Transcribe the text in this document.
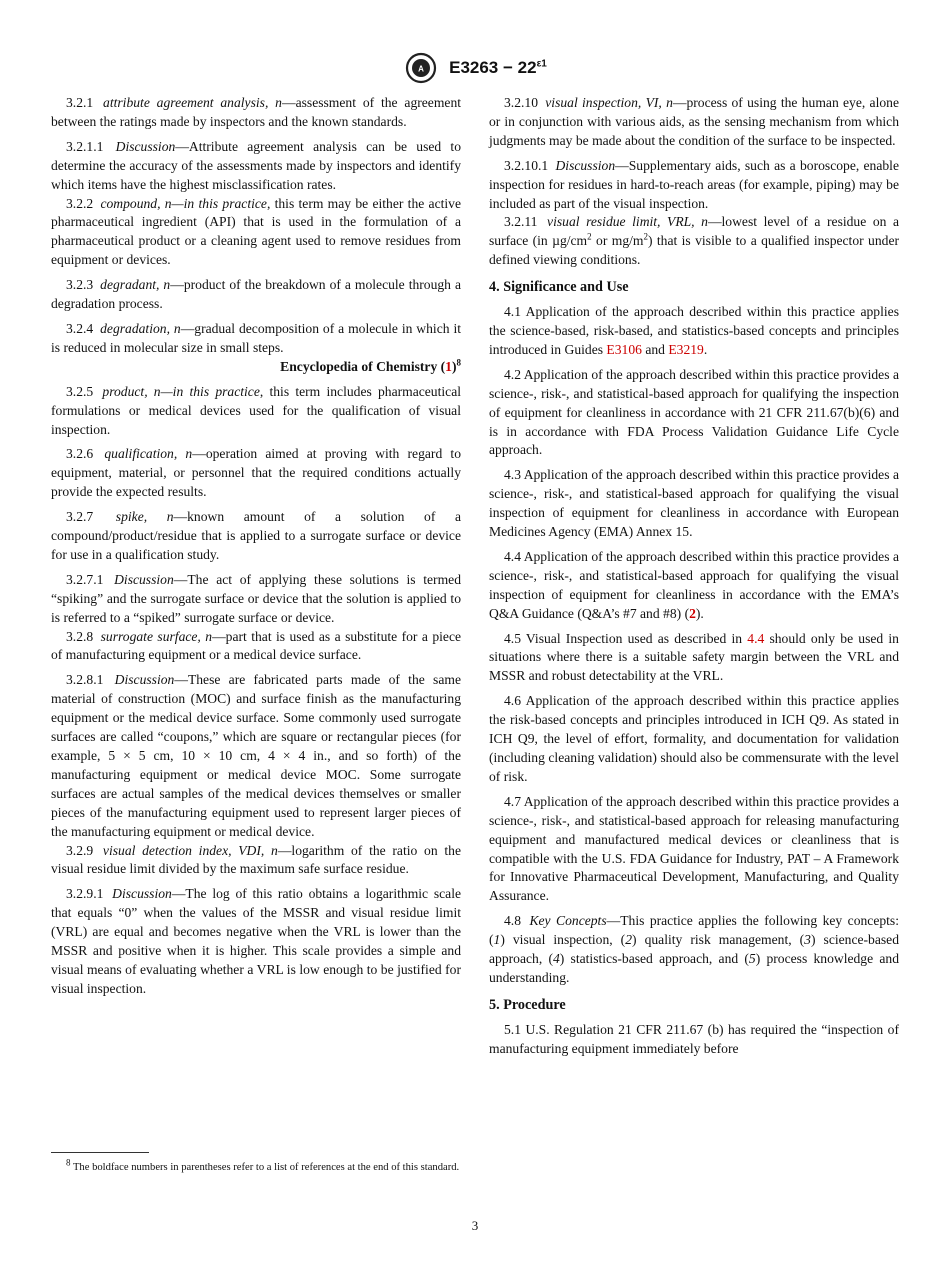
A $E3263 - 22^{\varepsilon 1}$

3.2.1 attribute agreement analysis, n—assessment of the agreement between the ratings made by inspectors and the known standards.

3.2.1.1 Discussion—Attribute agreement analysis can be used to determine the accuracy of the assessments made by inspectors and identify which items have the highest misclassification rates.

3.2.2 compound, n—in this practice, this term may be either the active pharmaceutical ingredient (API) that is used in the formulation of a pharmaceutical product or a cleaning agent used to remove residues from equipment or devices.

3.2.3 degradant, n—product of the breakdown of a molecule through a degradation process.

3.2.4 degradation, n—gradual decomposition of a molecule in which it is reduced in molecular size in small steps.

Encyclopedia of Chemistry $(1)^8$

3.2.5 product, n—in this practice, this term includes pharmaceutical formulations or medical devices used for the qualification of visual inspection.

3.2.6 qualification, n—operation aimed at proving with regard to equipment, material, or personnel that the required conditions actually provide the expected results.

3.2.7 spike, n—known amount of a solution of a compound/product/residue that is applied to a surrogate surface or device for use in a qualification study.

3.2.7.1 Discussion—The act of applying these solutions is termed “spiking” and the surrogate surface or device that the solution is applied to is referred to a “spiked” surrogate surface or device.

3.2.8 surrogate surface, n—part that is used as a substitute for a piece of manufacturing equipment or a medical device surface.

3.2.8.1 Discussion—These are fabricated parts made of the same material of construction (MOC) and surface finish as the manufacturing equipment or the medical device surface. Some commonly used surrogate surfaces are called “coupons,” which are square or rectangular pieces (for example, 5 × 5 cm, 10 × 10 cm, 4 × 4 in., and so forth) of the manufacturing equipment or medical device MOC. Some surrogate surfaces are actual samples of the medical devices themselves or smaller pieces of the manufacturing equipment used to represent larger pieces of the manufacturing equipment or medical device.

3.2.9 visual detection index, VDI, n—logarithm of the ratio on the visual residue limit divided by the maximum safe surface residue.

3.2.9.1 Discussion—The log of this ratio obtains a logarithmic scale that equals “0” when the values of the MSSR and visual residue limit (VRL) are equal and becomes negative when the VRL is lower than the MSSR and positive when it is higher. This scale provides a simple and visual means of evaluating whether a VRL is low enough to be justified for visual inspection.

3.2.10 visual inspection, VI, n—process of using the human eye, alone or in conjunction with various aids, as the sensing mechanism from which judgments may be made about the condition of the surface to be inspected.

3.2.10.1 Discussion—Supplementary aids, such as a boroscope, enable inspection for residues in hard-to-reach areas (for example, piping) may be included as part of the visual inspection.

3.2.11 visual residue limit, VRL, n—lowest level of a residue on a surface (in $\mu g/cm^2$ or $mg/m^2$) that is visible to a qualified inspector under defined viewing conditions.

4. Significance and Use

4.1 Application of the approach described within this practice applies the science-based, risk-based, and statistics-based concepts and principles introduced in Guides E3106 and E3219.

4.2 Application of the approach described within this practice provides a science-, risk-, and statistical-based approach for qualifying the inspection of equipment for cleanliness in accordance with 21 CFR 211.67(b)(6) and is in accordance with FDA Process Validation Guidance Life Cycle approach.

4.3 Application of the approach described within this practice provides a science-, risk-, and statistical-based approach for qualifying the visual inspection of equipment for cleanliness in accordance with European Medicines Agency (EMA) Annex 15.

4.4 Application of the approach described within this practice provides a science-, risk-, and statistical-based approach for qualifying the visual inspection of equipment for cleanliness in accordance with the EMA’s Q&A Guidance (Q&A’s #7 and #8) (2).

4.5 Visual Inspection used as described in 4.4 should only be used in situations where there is a suitable safety margin between the VRL and MSSR and robust detectability at the VRL.

4.6 Application of the approach described within this practice applies the risk-based concepts and principles introduced in ICH Q9. As stated in ICH Q9, the level of effort, formality, and documentation for validation (including cleaning validation) should also be commensurate with the level of risk.

4.7 Application of the approach described within this practice provides a science-, risk-, and statistical-based approach for releasing manufacturing equipment and manufactured medical devices or cleanliness that is compatible with the U.S. FDA Guidance for Industry, PAT – A Framework for Innovative Pharmaceutical Development, Manufacturing, and Quality Assurance.

4.8 Key Concepts—This practice applies the following key concepts: (1) visual inspection, (2) quality risk management, (3) science-based approach, (4) statistics-based approach, and (5) process knowledge and understanding.

5. Procedure

5.1 U.S. Regulation 21 CFR 211.67 (b) has required the “inspection of manufacturing equipment immediately before

$^8$ The boldface numbers in parentheses refer to a list of references at the end of this standard.
3
